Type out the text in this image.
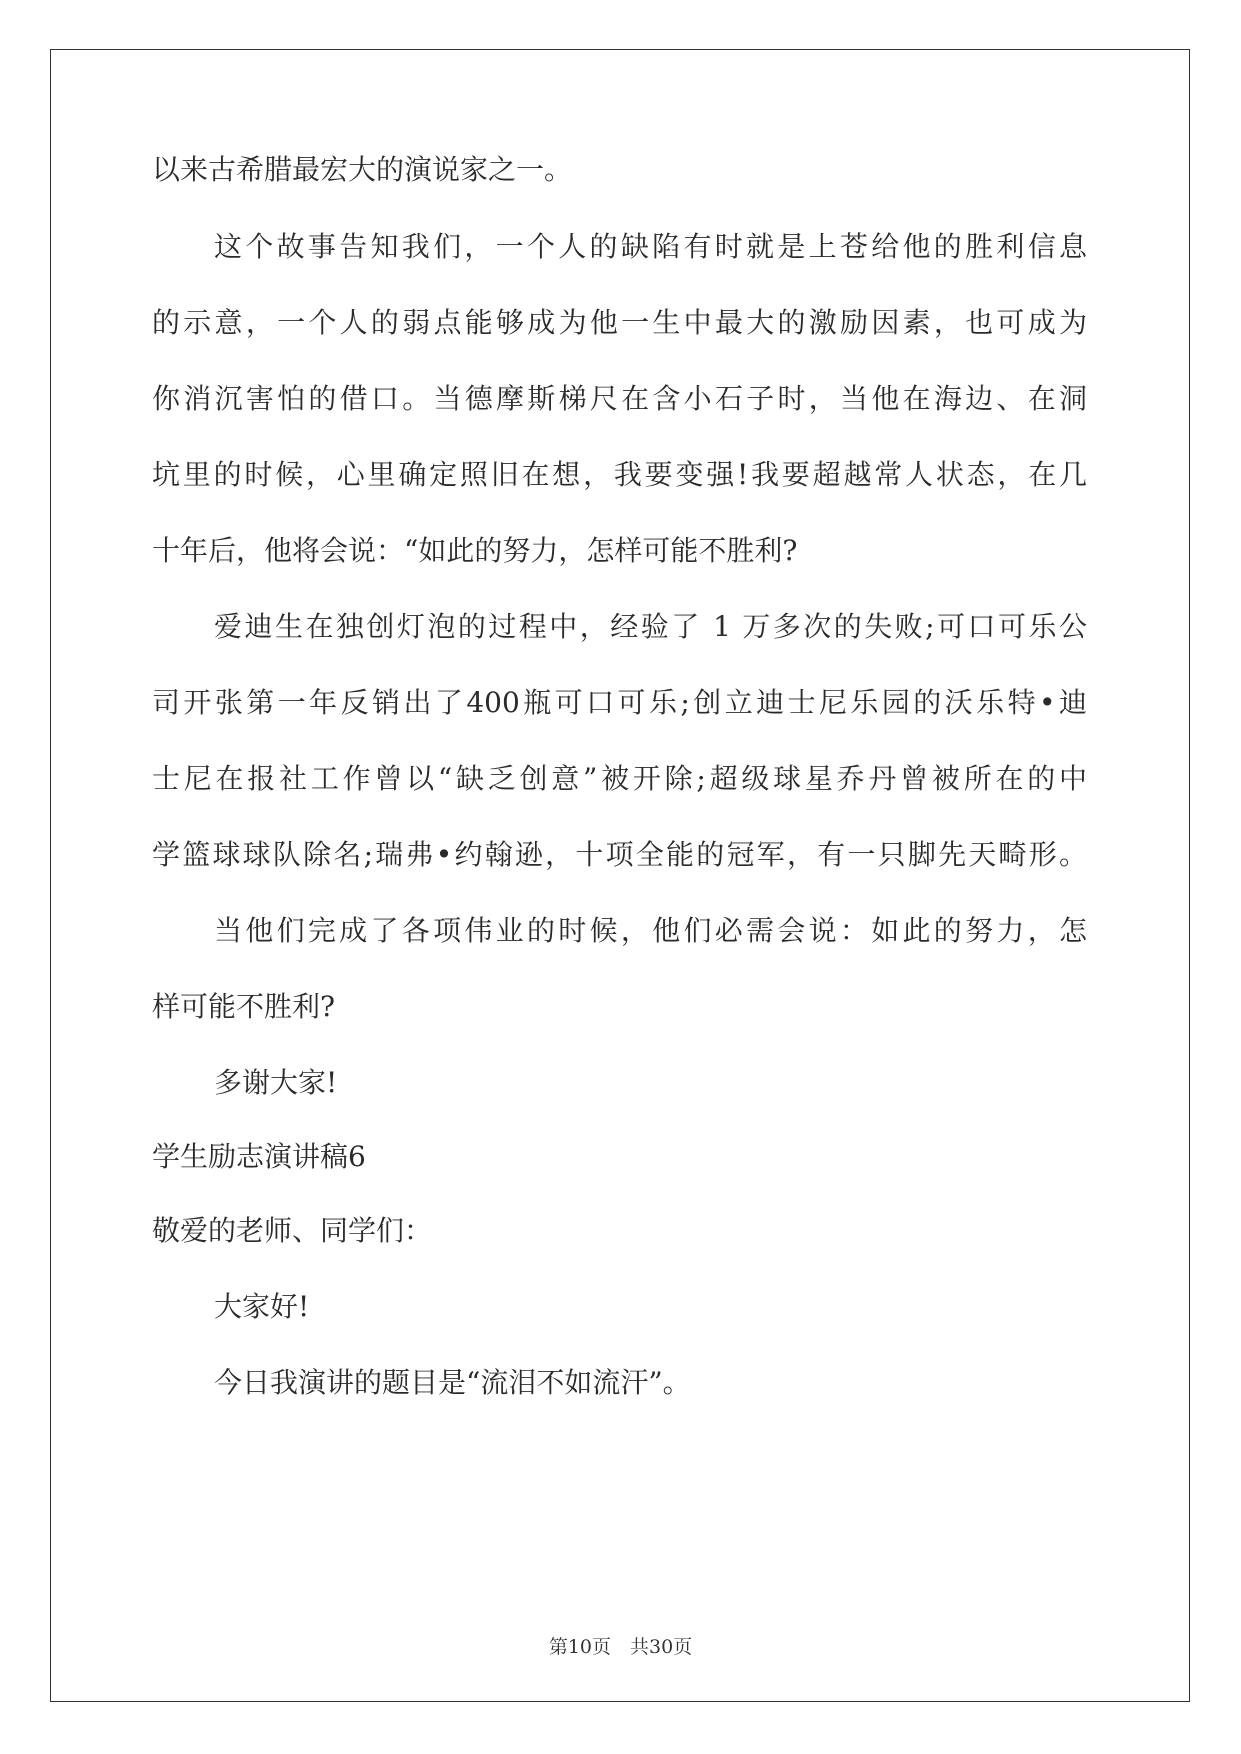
以来古希腊最宏大的演说家之一。
这个故事告知我们，一个人的缺陷有时就是上苍给他的胜利信息
的示意，一个人的弱点能够成为他一生中最大的激励因素，也可成为
你消沉害怕的借口。当德摩斯梯尺在含小石子时，当他在海边、在洞
坑里的时候，心里确定照旧在想，我要变强!我要超越常人状态，在几
十年后，他将会说：“如此的努力，怎样可能不胜利?
爱迪生在独创灯泡的过程中，经验了 1 万多次的失败;可口可乐公
司开张第一年反销出了400瓶可口可乐;创立迪士尼乐园的沃乐特•迪
士尼在报社工作曾以“缺乏创意”被开除;超级球星乔丹曾被所在的中
学篮球球队除名;瑞弗•约翰逊，十项全能的冠军，有一只脚先天畸形。
当他们完成了各项伟业的时候，他们必需会说：如此的努力，怎
样可能不胜利?
多谢大家!
学生励志演讲稿6
敬爱的老师、同学们：
大家好!
今日我演讲的题目是“流泪不如流汗”。
第10页　共30页
